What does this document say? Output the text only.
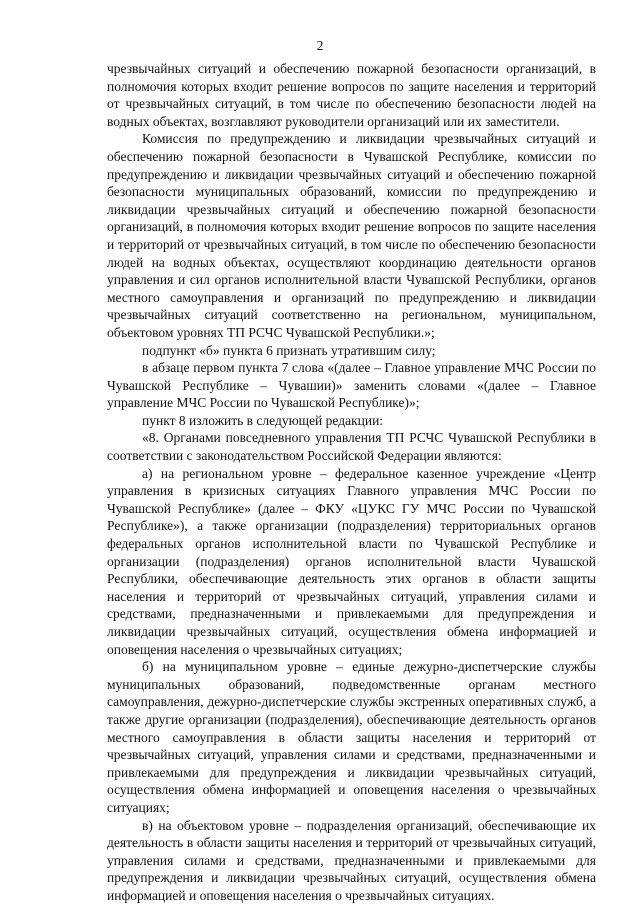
2

чрезвычайных ситуаций и обеспечению пожарной безопасности организаций, в полномочия которых входит решение вопросов по защите населения и территорий от чрезвычайных ситуаций, в том числе по обеспечению безопасности людей на водных объектах, возглавляют руководители организаций или их заместители.

Комиссия по предупреждению и ликвидации чрезвычайных ситуаций и обеспечению пожарной безопасности в Чувашской Республике, комиссии по предупреждению и ликвидации чрезвычайных ситуаций и обеспечению пожарной безопасности муниципальных образований, комиссии по предупреждению и ликвидации чрезвычайных ситуаций и обеспечению пожарной безопасности организаций, в полномочия которых входит решение вопросов по защите населения и территорий от чрезвычайных ситуаций, в том числе по обеспечению безопасности людей на водных объектах, осуществляют координацию деятельности органов управления и сил органов исполнительной власти Чувашской Республики, органов местного самоуправления и организаций по предупреждению и ликвидации чрезвычайных ситуаций соответственно на региональном, муниципальном, объектовом уровнях ТП РСЧС Чувашской Республики.»;

подпункт «б» пункта 6 признать утратившим силу;

в абзаце первом пункта 7 слова «(далее – Главное управление МЧС России по Чувашской Республике – Чувашии)» заменить словами «(далее – Главное управление МЧС России по Чувашской Республике)»;

пункт 8 изложить в следующей редакции:

«8. Органами повседневного управления ТП РСЧС Чувашской Республики в соответствии с законодательством Российской Федерации являются:

а) на региональном уровне – федеральное казенное учреждение «Центр управления в кризисных ситуациях Главного управления МЧС России по Чувашской Республике» (далее – ФКУ «ЦУКС ГУ МЧС России по Чувашской Республике»), а также организации (подразделения) территориальных органов федеральных органов исполнительной власти по Чувашской Республике и организации (подразделения) органов исполнительной власти Чувашской Республики, обеспечивающие деятельность этих органов в области защиты населения и территорий от чрезвычайных ситуаций, управления силами и средствами, предназначенными и привлекаемыми для предупреждения и ликвидации чрезвычайных ситуаций, осуществления обмена информацией и оповещения населения о чрезвычайных ситуациях;

б) на муниципальном уровне – единые дежурно-диспетчерские службы муниципальных образований, подведомственные органам местного самоуправления, дежурно-диспетчерские службы экстренных оперативных служб, а также другие организации (подразделения), обеспечивающие деятельность органов местного самоуправления в области защиты населения и территорий от чрезвычайных ситуаций, управления силами и средствами, предназначенными и привлекаемыми для предупреждения и ликвидации чрезвычайных ситуаций, осуществления обмена информацией и оповещения населения о чрезвычайных ситуациях;

в) на объектовом уровне – подразделения организаций, обеспечивающие их деятельность в области защиты населения и территорий от чрезвычайных ситуаций, управления силами и средствами, предназначенными и привлекаемыми для предупреждения и ликвидации чрезвычайных ситуаций, осуществления обмена информацией и оповещения населения о чрезвычайных ситуациях.
